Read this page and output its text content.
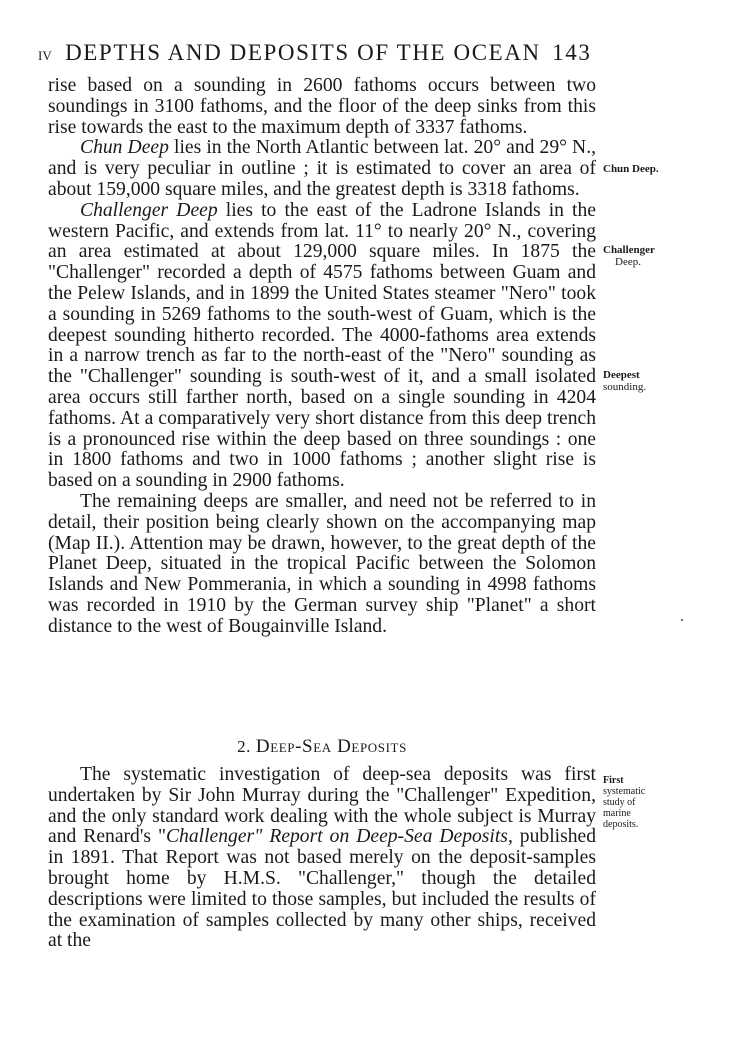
IV DEPTHS AND DEPOSITS OF THE OCEAN 143

rise based on a sounding in 2600 fathoms occurs between two soundings in 3100 fathoms, and the floor of the deep sinks from this rise towards the east to the maximum depth of 3337 fathoms.

Chun Deep lies in the North Atlantic between lat. 20° and 29° N., and is very peculiar in outline ; it is estimated to cover an area of about 159,000 square miles, and the greatest depth is 3318 fathoms.

Challenger Deep lies to the east of the Ladrone Islands in the western Pacific, and extends from lat. 11° to nearly 20° N., covering an area estimated at about 129,000 square miles. In 1875 the "Challenger" recorded a depth of 4575 fathoms between Guam and the Pelew Islands, and in 1899 the United States steamer "Nero" took a sounding in 5269 fathoms to the south-west of Guam, which is the deepest sounding hitherto recorded. The 4000-fathoms area extends in a narrow trench as far to the north-east of the "Nero" sounding as the "Challenger" sounding is south-west of it, and a small isolated area occurs still farther north, based on a single sounding in 4204 fathoms. At a comparatively very short distance from this deep trench is a pronounced rise within the deep based on three soundings : one in 1800 fathoms and two in 1000 fathoms ; another slight rise is based on a sounding in 2900 fathoms.

The remaining deeps are smaller, and need not be referred to in detail, their position being clearly shown on the accompanying map (Map II.). Attention may be drawn, however, to the great depth of the Planet Deep, situated in the tropical Pacific between the Solomon Islands and New Pommerania, in which a sounding in 4998 fathoms was recorded in 1910 by the German survey ship "Planet" a short distance to the west of Bougainville Island.

2. Deep-Sea Deposits

The systematic investigation of deep-sea deposits was first undertaken by Sir John Murray during the "Challenger" Expedition, and the only standard work dealing with the whole subject is Murray and Renard's "Challenger" Report on Deep-Sea Deposits, published in 1891. That Report was not based merely on the deposit-samples brought home by H.M.S. "Challenger," though the detailed descriptions were limited to those samples, but included the results of the examination of samples collected by many other ships, received at the

Chun Deep.
Challenger
Deep.
Deepest
sounding.
First
systematic
study of
marine
deposits.
